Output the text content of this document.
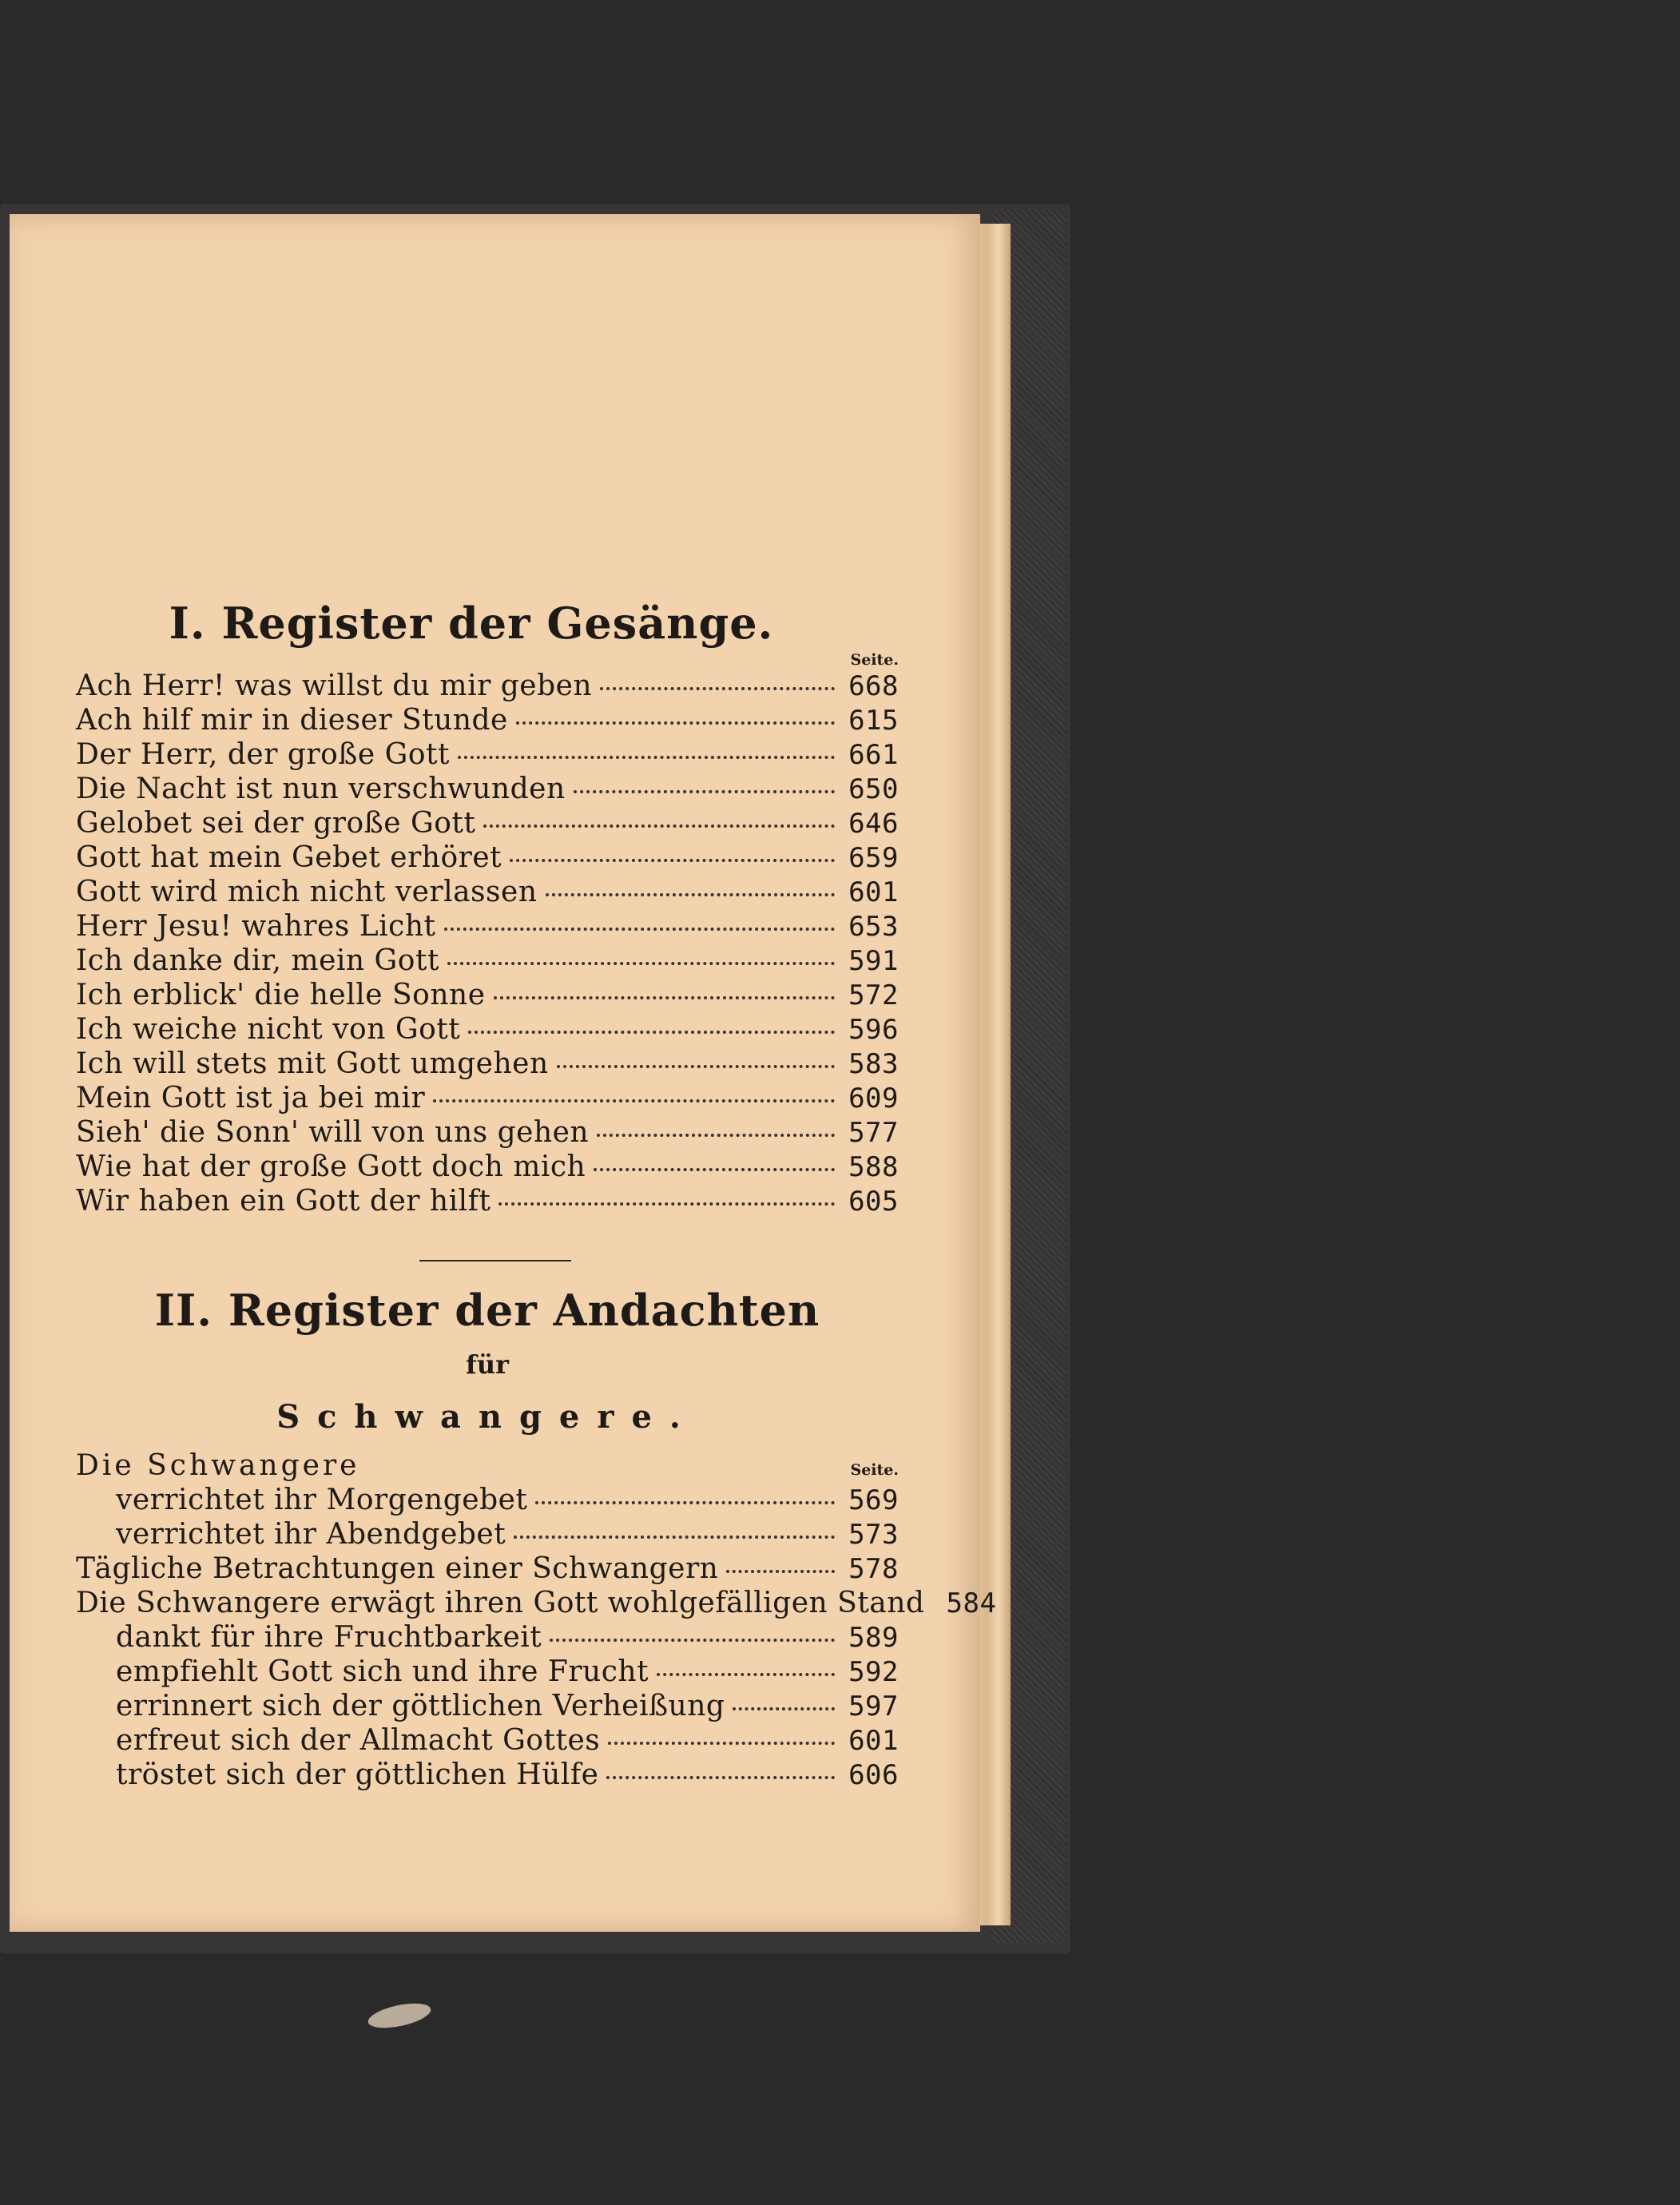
I. Register der Gesänge.
Seite.
Ach Herr! was willst du mir geben	668
Ach hilf mir in dieser Stunde	615
Der Herr, der große Gott	661
Die Nacht ist nun verschwunden	650
Gelobet sei der große Gott	646
Gott hat mein Gebet erhöret	659
Gott wird mich nicht verlassen	601
Herr Jesu! wahres Licht	653
Ich danke dir, mein Gott	591
Ich erblick' die helle Sonne	572
Ich weiche nicht von Gott	596
Ich will stets mit Gott umgehen	583
Mein Gott ist ja bei mir	609
Sieh' die Sonn' will von uns gehen	577
Wie hat der große Gott doch mich	588
Wir haben ein Gott der hilft	605
II. Register der Andachten
für
Schwangere.
Die Schwangere	Seite.
verrichtet ihr Morgengebet	569
verrichtet ihr Abendgebet	573
Tägliche Betrachtungen einer Schwangern	578
Die Schwangere erwägt ihren Gott wohlgefälligen Stand 584
dankt für ihre Fruchtbarkeit	589
empfiehlt Gott sich und ihre Frucht	592
errinnert sich der göttlichen Verheißung	597
erfreut sich der Allmacht Gottes	601
tröstet sich der göttlichen Hülfe	606
